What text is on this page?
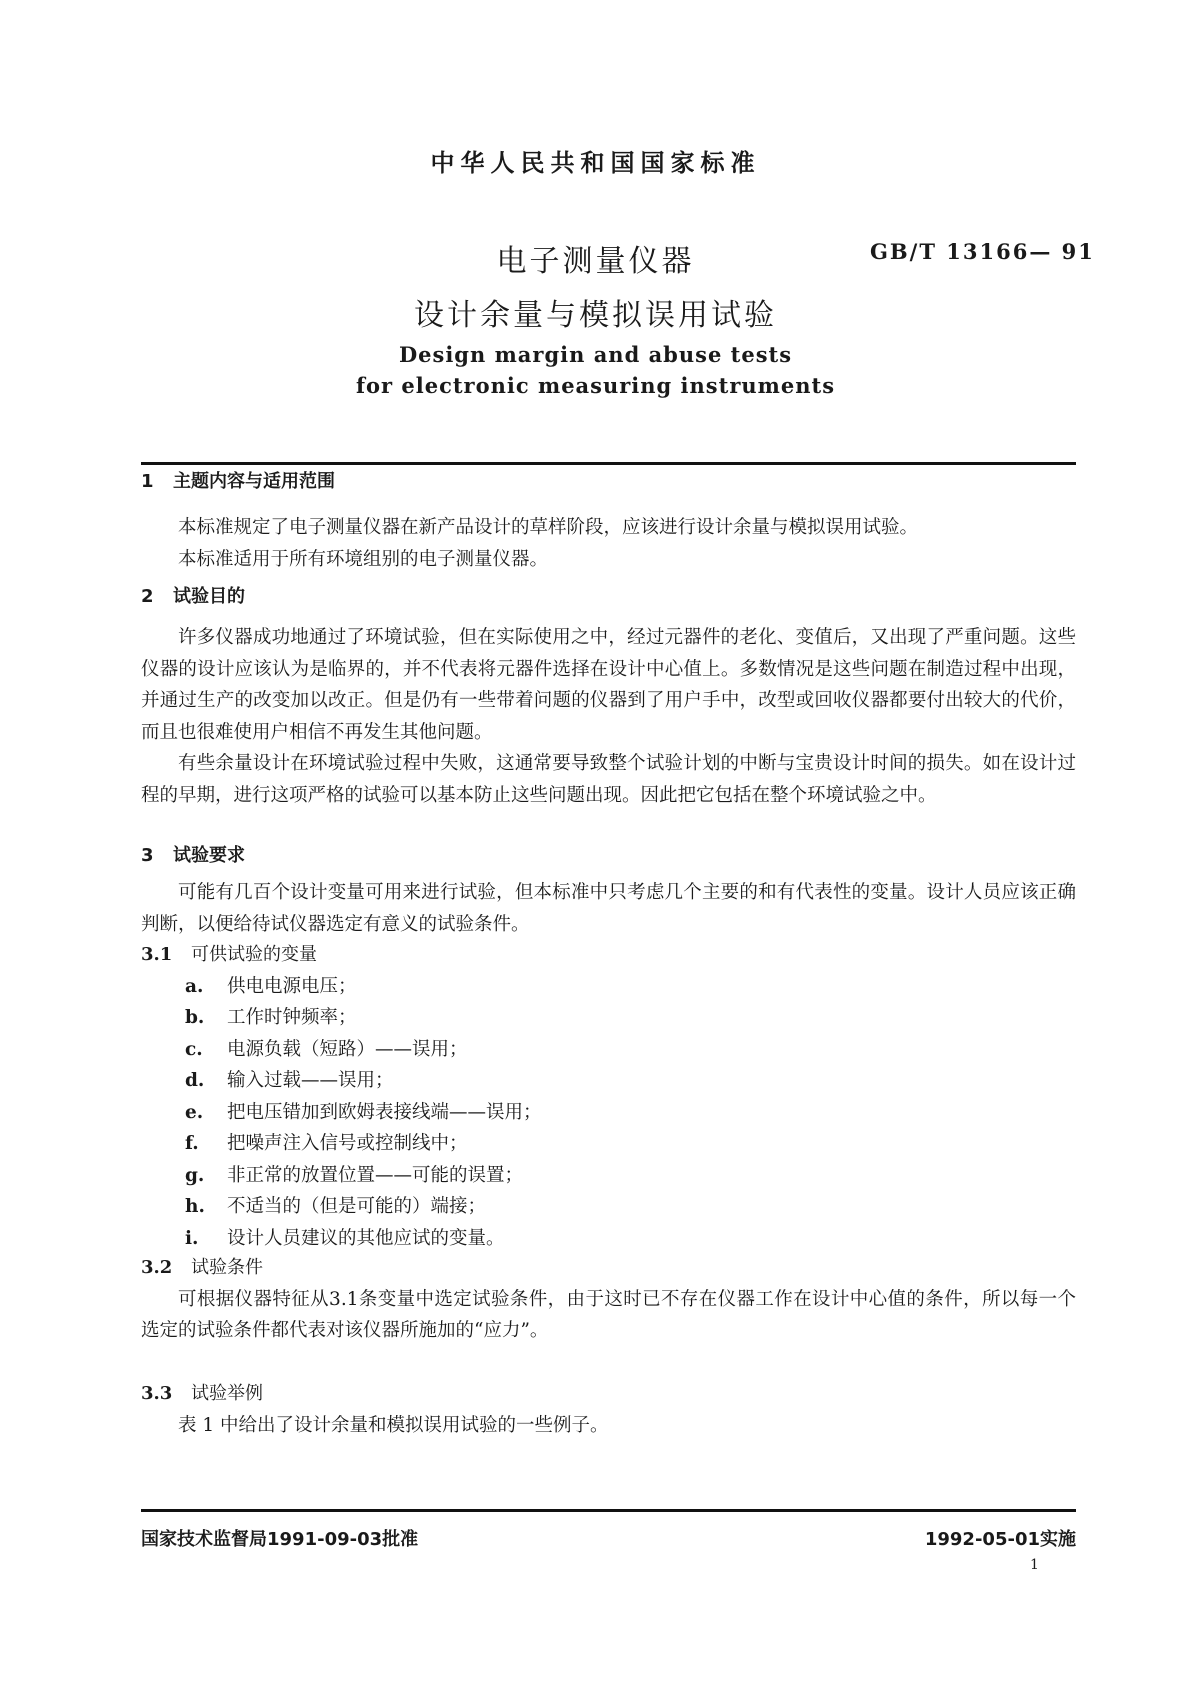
中华人民共和国国家标准
电子测量仪器
设计余量与模拟误用试验
GB/T 13166— 91
Design margin and abuse tests
for electronic measuring instruments
1 主题内容与适用范围

本标准规定了电子测量仪器在新产品设计的草样阶段，应该进行设计余量与模拟误用试验。

本标准适用于所有环境组别的电子测量仪器。

2 试验目的

许多仪器成功地通过了环境试验，但在实际使用之中，经过元器件的老化、变值后，又出现了严重问题。这些仪器的设计应该认为是临界的，并不代表将元器件选择在设计中心值上。多数情况是这些问题在制造过程中出现，并通过生产的改变加以改正。但是仍有一些带着问题的仪器到了用户手中，改型或回收仪器都要付出较大的代价，而且也很难使用户相信不再发生其他问题。

有些余量设计在环境试验过程中失败，这通常要导致整个试验计划的中断与宝贵设计时间的损失。如在设计过程的早期，进行这项严格的试验可以基本防止这些问题出现。因此把它包括在整个环境试验之中。

3 试验要求

可能有几百个设计变量可用来进行试验，但本标准中只考虑几个主要的和有代表性的变量。设计人员应该正确判断，以便给待试仪器选定有意义的试验条件。

3.1 可供试验的变量
a. 供电电源电压；
b. 工作时钟频率；
c. 电源负载（短路）——误用；
d. 输入过载——误用；
e. 把电压错加到欧姆表接线端——误用；
f. 把噪声注入信号或控制线中；
g. 非正常的放置位置——可能的误置；
h. 不适当的（但是可能的）端接；
i. 设计人员建议的其他应试的变量。
3.2 试验条件

可根据仪器特征从3.1条变量中选定试验条件，由于这时已不存在仪器工作在设计中心值的条件，所以每一个选定的试验条件都代表对该仪器所施加的“应力”。

3.3 试验举例

表 1 中给出了设计余量和模拟误用试验的一些例子。

国家技术监督局1991-09-03批准	1992-05-01实施
1
